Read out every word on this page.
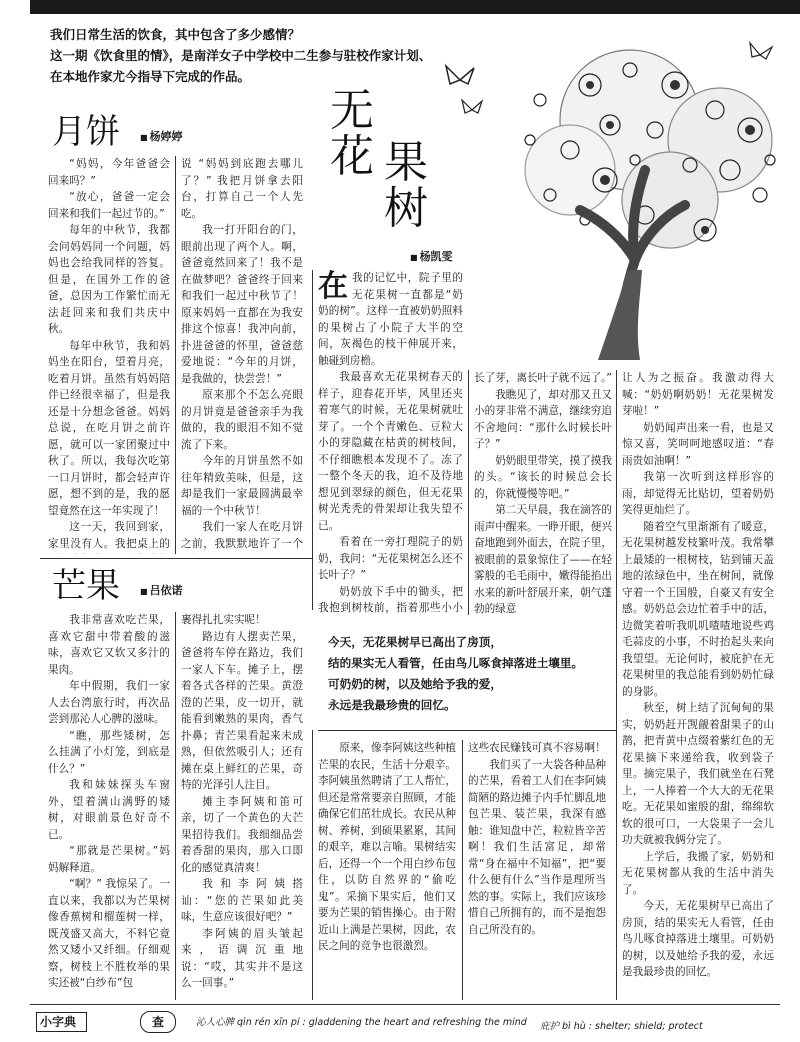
我们日常生活的饮食，其中包含了多少感情？
这一期《饮食里的情》，是南洋女子中学校中二生参与驻校作家计划、
在本地作家尤今指导下完成的作品。
无
花 果
树
■ 杨凯雯
月饼	■ 杨婷婷

“妈妈，今年爸爸会回来吗？”

“放心，爸爸一定会回来和我们一起过节的。”

每年的中秋节，我都会问妈妈同一个问题，妈妈也会给我同样的答复。但是，在国外工作的爸爸，总因为工作繁忙而无法赶回来和我们共庆中秋。

每年中秋节，我和妈妈坐在阳台，望着月亮，吃着月饼。虽然有妈妈陪伴已经很幸福了，但是我还是十分想念爸爸。妈妈总说，在吃月饼之前许愿，就可以一家团聚过中秋了。所以，我每次吃第一口月饼时，都会轻声许愿，想不到的是，我的愿望竟然在这一年实现了！

这一天，我回到家，家里没有人。我把桌上的

说 “妈妈到底跑去哪儿了？” 我把月饼拿去阳台，打算自己一个人先吃。

我一打开阳台的门，眼前出现了两个人。啊，爸爸竟然回来了！我不是在做梦吧？爸爸终于回来和我们一起过中秋节了！原来妈妈一直都在为我安排这个惊喜！我冲向前，扑进爸爸的怀里，爸爸慈爱地说：“今年的月饼，是我做的，快尝尝！”

原来那个不怎么亮眼的月饼竟是爸爸亲手为我做的，我的眼泪不知不觉流了下来。

今年的月饼虽然不如往年精致美味，但是，这却是我们一家最圆满最幸福的一个中秋节！

我们一家人在吃月饼之前，我默默地许了一个

芒果	■ 吕依诺

我非常喜欢吃芒果，喜欢它甜中带着酸的滋味，喜欢它又软又多汁的果肉。

年中假期，我们一家人去台湾旅行时，再次品尝到那沁人心脾的滋味。

“瞧，那些矮树，怎么挂满了小灯笼，到底是什么？”

我和妹妹探头车窗外，望着满山满野的矮树，对眼前景色好奇不已。

“那就是芒果树。”妈妈解释道。

“啊？” 我惊呆了。一直以来，我都以为芒果树像香蕉树和榴莲树一样，既茂盛又高大，不料它竟然又矮小又纤细。仔细观察，树枝上不胜枚举的果实还被“白纱布”包

裹得扎扎实实呢！

路边有人摆卖芒果，爸爸将车停在路边，我们一家人下车。摊子上，摆着各式各样的芒果。黄澄澄的芒果，皮一切开，就能看到嫩熟的果肉，香气扑鼻；青芒果看起来未成熟，但依然吸引人；还有摊在桌上鲜红的芒果，奇特的光泽引人注目。

摊主李阿姨和笛可亲，切了一个黄色的大芒果招待我们。我细细品尝着香甜的果肉，那入口即化的感觉真清爽！

我和李阿姨搭讪：“您的芒果如此美味，生意应该很好吧？”

李阿姨的眉头皱起来，语调沉重地说：“哎，其实并不是这么一回事。”

原来，像李阿姨这些种植芒果的农民，生活十分艰辛。李阿姨虽然聘请了工人帮忙，但还是常常要亲自照顾，才能确保它们茁壮成长。农民从种树、养树，到硕果累累，其间的艰辛，难以言喻。果树结实后，还得一个一个用白纱布包住，以防自然界的“偷吃鬼”。采摘下果实后，他们又要为芒果的销售操心。由于附近山上满是芒果树，因此，农民之间的竞争也很激烈。

这些农民赚钱可真不容易啊！

我们买了一大袋各种品种的芒果，看着工人们在李阿姨简陋的路边摊子内手忙脚乱地包芒果、装芒果，我深有感触：谁知盘中芒，粒粒皆辛苦啊！我们生活富足，却常常“身在福中不知福”，把“要什么便有什么”当作是理所当然的事。实际上，我们应该珍惜自己所拥有的，而不是抱怨自己所没有的。

在 我的记忆中，院子里的无花果树一直都是“奶奶的树”。这样一直被奶奶照料的果树占了小院子大半的空间，灰褐色的枝干伸展开来，触碰到房檐。

我最喜欢无花果树春天的样子，迎春花开毕，风里还夹着寒气的时候，无花果树就吐芽了。一个个青嫩色、豆粒大小的芽隐藏在枯黄的树枝间，不仔细瞧根本发现不了。冻了一整个冬天的我，迫不及待地想见到翠绿的颜色，但无花果树光秃秃的骨架却让我失望不已。

看着在一旁打理院子的奶奶，我问：“无花果树怎么还不长叶子？”

奶奶放下手中的锄头，把我抱到树枝前，指着那些小小

长了芽，离长叶子就不远了。”

我瞧见了，却对那又丑又小的芽非常不满意，继续穷追不舍地问：“那什么时候长叶子？”

奶奶眼里带笑，摸了摸我的头。“该长的时候总会长的，你就慢慢等吧。”

第二天早晨，我在滴答的雨声中醒来。一睁开眼，便兴奋地跑到外面去，在院子里，被眼前的景象惊住了——在轻雾般的毛毛雨中，嫩得能掐出水来的新叶舒展开来，朝气蓬勃的绿意

让人为之振奋。我激动得大喊：“奶奶啊奶奶！无花果树发芽啦！”

奶奶闻声出来一看，也是又惊又喜，笑呵呵地感叹道：“春雨贵如油啊！”

我第一次听到这样形容的雨，却觉得无比贴切，望着奶奶笑得更灿烂了。

随着空气里渐渐有了暖意，无花果树越发枝繁叶茂。我常攀上最矮的一根树枝，钻到铺天盖地的浓绿色中，坐在树间，就像守着一个王国般，自豪又有安全感。奶奶总会边忙着手中的活，边微笑着听我叽叽喳喳地说些鸡毛蒜皮的小事，不时抬起头来向我望望。无论何时，被庇护在无花果树里的我总能看到奶奶忙碌的身影。

秋至，树上结了沉甸甸的果实，奶奶赶开觊觎着甜果子的山鹊，把青黄中点缀着紫红色的无花果摘下来递给我，收到袋子里。摘完果子，我们就坐在石凳上，一人捧着一个大大的无花果吃。无花果如蜜般的甜，绵绵软软的很可口，一大袋果子一会儿功夫就被我俩分完了。

上学后，我搬了家，奶奶和无花果树都从我的生活中消失了。

今天，无花果树早已高出了房顶，结的果实无人看管，任由鸟儿啄食掉落进土壤里。可奶奶的树，以及她给予我的爱，永远是我最珍贵的回忆。

今天，无花果树早已高出了房顶，
结的果实无人看管，任由鸟儿啄食掉落进土壤里。
可奶奶的树，以及她给予我的爱，
永远是我最珍贵的回忆。
小字典	查	沁人心脾 qìn rén xīn pí : gladdening the heart and refreshing the mind 庇护 bì hù : shelter; shield; protect
